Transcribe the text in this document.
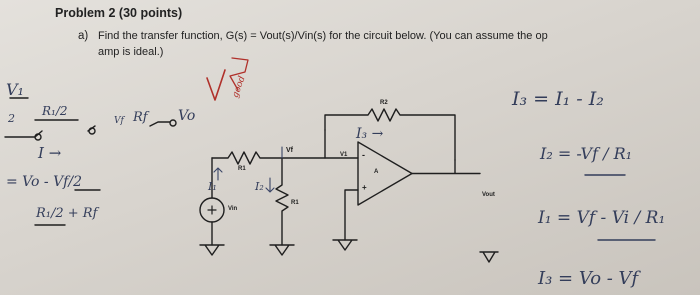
Problem 2 (30 points)
a) Find the transfer function, G(s) = Vout(s)/Vin(s) for the circuit below. (You can assume the op
amp is ideal.)
R2
R1
R1
Vf
V1
Vin
Vout
-
+
A
V₁
2
R₁/2
Vf Rf Vo
I →
= Vo - Vf/2
R₁/2 + Rf
good
I₃ →
I₁	I₂
I₃ = I₁ - I₂
I₂ = -Vf / R₁
I₁ = Vf - Vi / R₁
I₃ = Vo - Vf
